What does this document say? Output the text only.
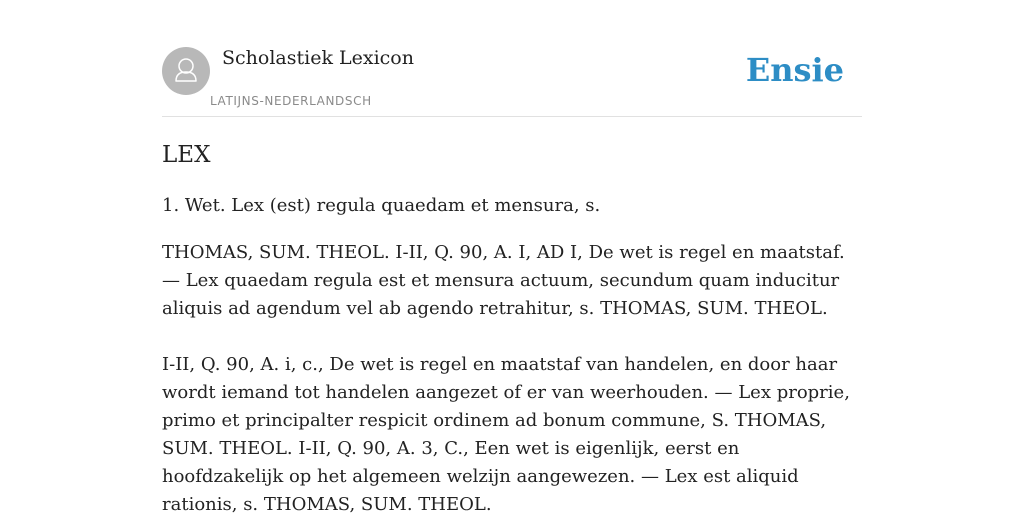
Scholastiek Lexicon
LATIJNS-NEDERLANDSCH
Ensie
LEX

1. Wet. Lex (est) regula quaedam et mensura, s.

THOMAS, SUM. THEOL. I-II, Q. 90, A. I, AD I, De wet is regel en maatstaf. — Lex quaedam regula est et mensura actuum, secundum quam inducitur aliquis ad agendum vel ab agendo retrahitur, s. THOMAS, SUM. THEOL.

I-II, Q. 90, A. i, c., De wet is regel en maatstaf van handelen, en door haar wordt iemand tot handelen aangezet of er van weerhouden. — Lex proprie, primo et principalter respicit ordinem ad bonum commune, S. THOMAS, SUM. THEOL. I-II, Q. 90, A. 3, C., Een wet is eigenlijk, eerst en hoofdzakelijk op het algemeen welzijn aangewezen. — Lex est aliquid rationis, s. THOMAS, SUM. THEOL.
